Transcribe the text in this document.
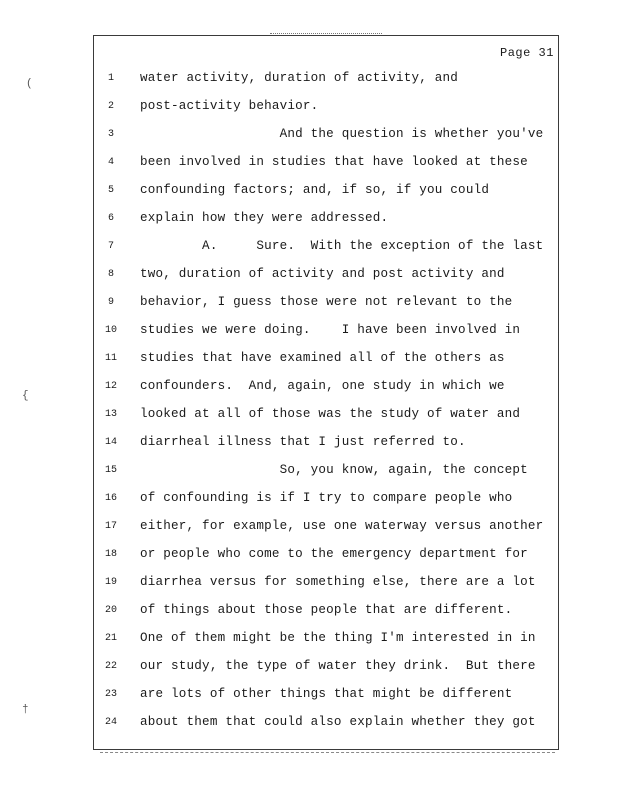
Page 31
(
{
†
1	water activity, duration of activity, and
2	post-activity behavior.
3	And the question is whether you've
4	been involved in studies that have looked at these
5	confounding factors; and, if so, if you could
6	explain how they were addressed.
7	A.     Sure.  With the exception of the last
8	two, duration of activity and post activity and
9	behavior, I guess those were not relevant to the
10	studies we were doing.    I have been involved in
11	studies that have examined all of the others as
12	confounders.  And, again, one study in which we
13	looked at all of those was the study of water and
14	diarrheal illness that I just referred to.
15	So, you know, again, the concept
16	of confounding is if I try to compare people who
17	either, for example, use one waterway versus another
18	or people who come to the emergency department for
19	diarrhea versus for something else, there are a lot
20	of things about those people that are different.
21	One of them might be the thing I'm interested in in
22	our study, the type of water they drink.  But there
23	are lots of other things that might be different
24	about them that could also explain whether they got
